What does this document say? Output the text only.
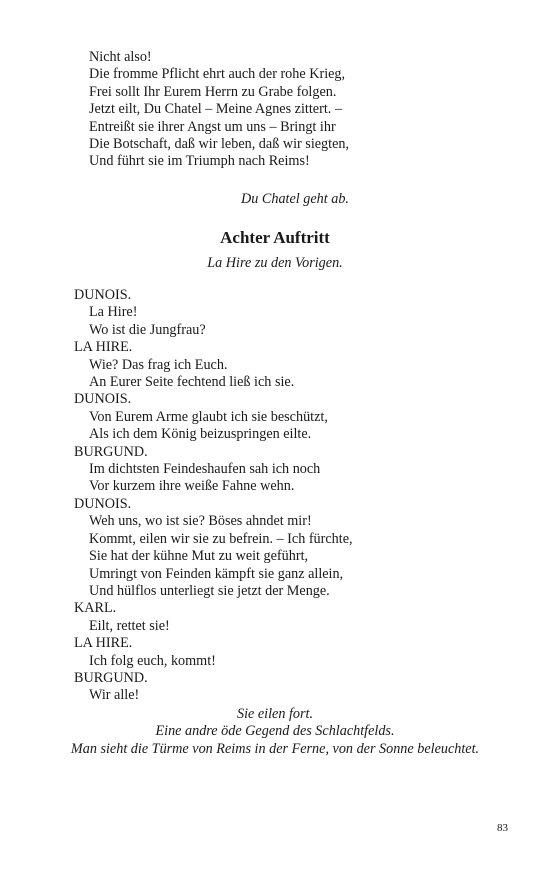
Nicht also!
Die fromme Pflicht ehrt auch der rohe Krieg,
Frei sollt Ihr Eurem Herrn zu Grabe folgen.
Jetzt eilt, Du Chatel – Meine Agnes zittert. –
Entreißt sie ihrer Angst um uns – Bringt ihr
Die Botschaft, daß wir leben, daß wir siegten,
Und führt sie im Triumph nach Reims!
Du Chatel geht ab.
Achter Auftritt
La Hire zu den Vorigen.
DUNOIS.
La Hire!
Wo ist die Jungfrau?
LA HIRE.
Wie? Das frag ich Euch.
An Eurer Seite fechtend ließ ich sie.
DUNOIS.
Von Eurem Arme glaubt ich sie beschützt,
Als ich dem König beizuspringen eilte.
BURGUND.
Im dichtsten Feindeshaufen sah ich noch
Vor kurzem ihre weiße Fahne wehn.
DUNOIS.
Weh uns, wo ist sie? Böses ahndet mir!
Kommt, eilen wir sie zu befrein. – Ich fürchte,
Sie hat der kühne Mut zu weit geführt,
Umringt von Feinden kämpft sie ganz allein,
Und hülflos unterliegt sie jetzt der Menge.
KARL.
Eilt, rettet sie!
LA HIRE.
Ich folg euch, kommt!
BURGUND.
Wir alle!
Sie eilen fort.
Eine andre öde Gegend des Schlachtfelds.
Man sieht die Türme von Reims in der Ferne, von der Sonne beleuchtet.
83
